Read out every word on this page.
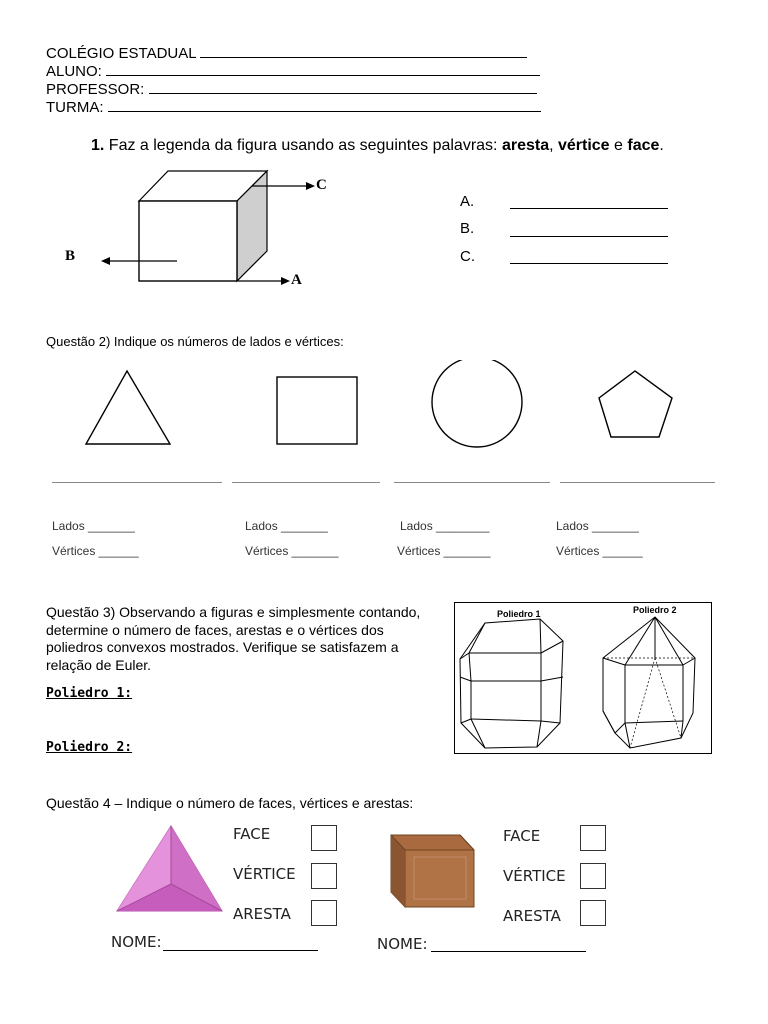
COLÉGIO ESTADUAL
ALUNO:
PROFESSOR:
TURMA:
1. Faz a legenda da figura usando as seguintes palavras: aresta, vértice e face.
C
B
A
A.
B.
C.
Questão 2) Indique os números de lados e vértices:
Lados _______
Vértices ______
Lados _______
Vértices _______
Lados ________
Vértices _______
Lados _______
Vértices ______
Questão 3) Observando a figuras e simplesmente contando, determine o número de faces, arestas e o vértices dos poliedros convexos mostrados. Verifique se satisfazem a relação de Euler.
Poliedro 1:
Poliedro 2:
Poliedro 1	Poliedro 2
Questão 4 – Indique o número de faces, vértices e arestas:
FACE
VÉRTICE
ARESTA
NOME:
FACE
VÉRTICE
ARESTA
NOME:
